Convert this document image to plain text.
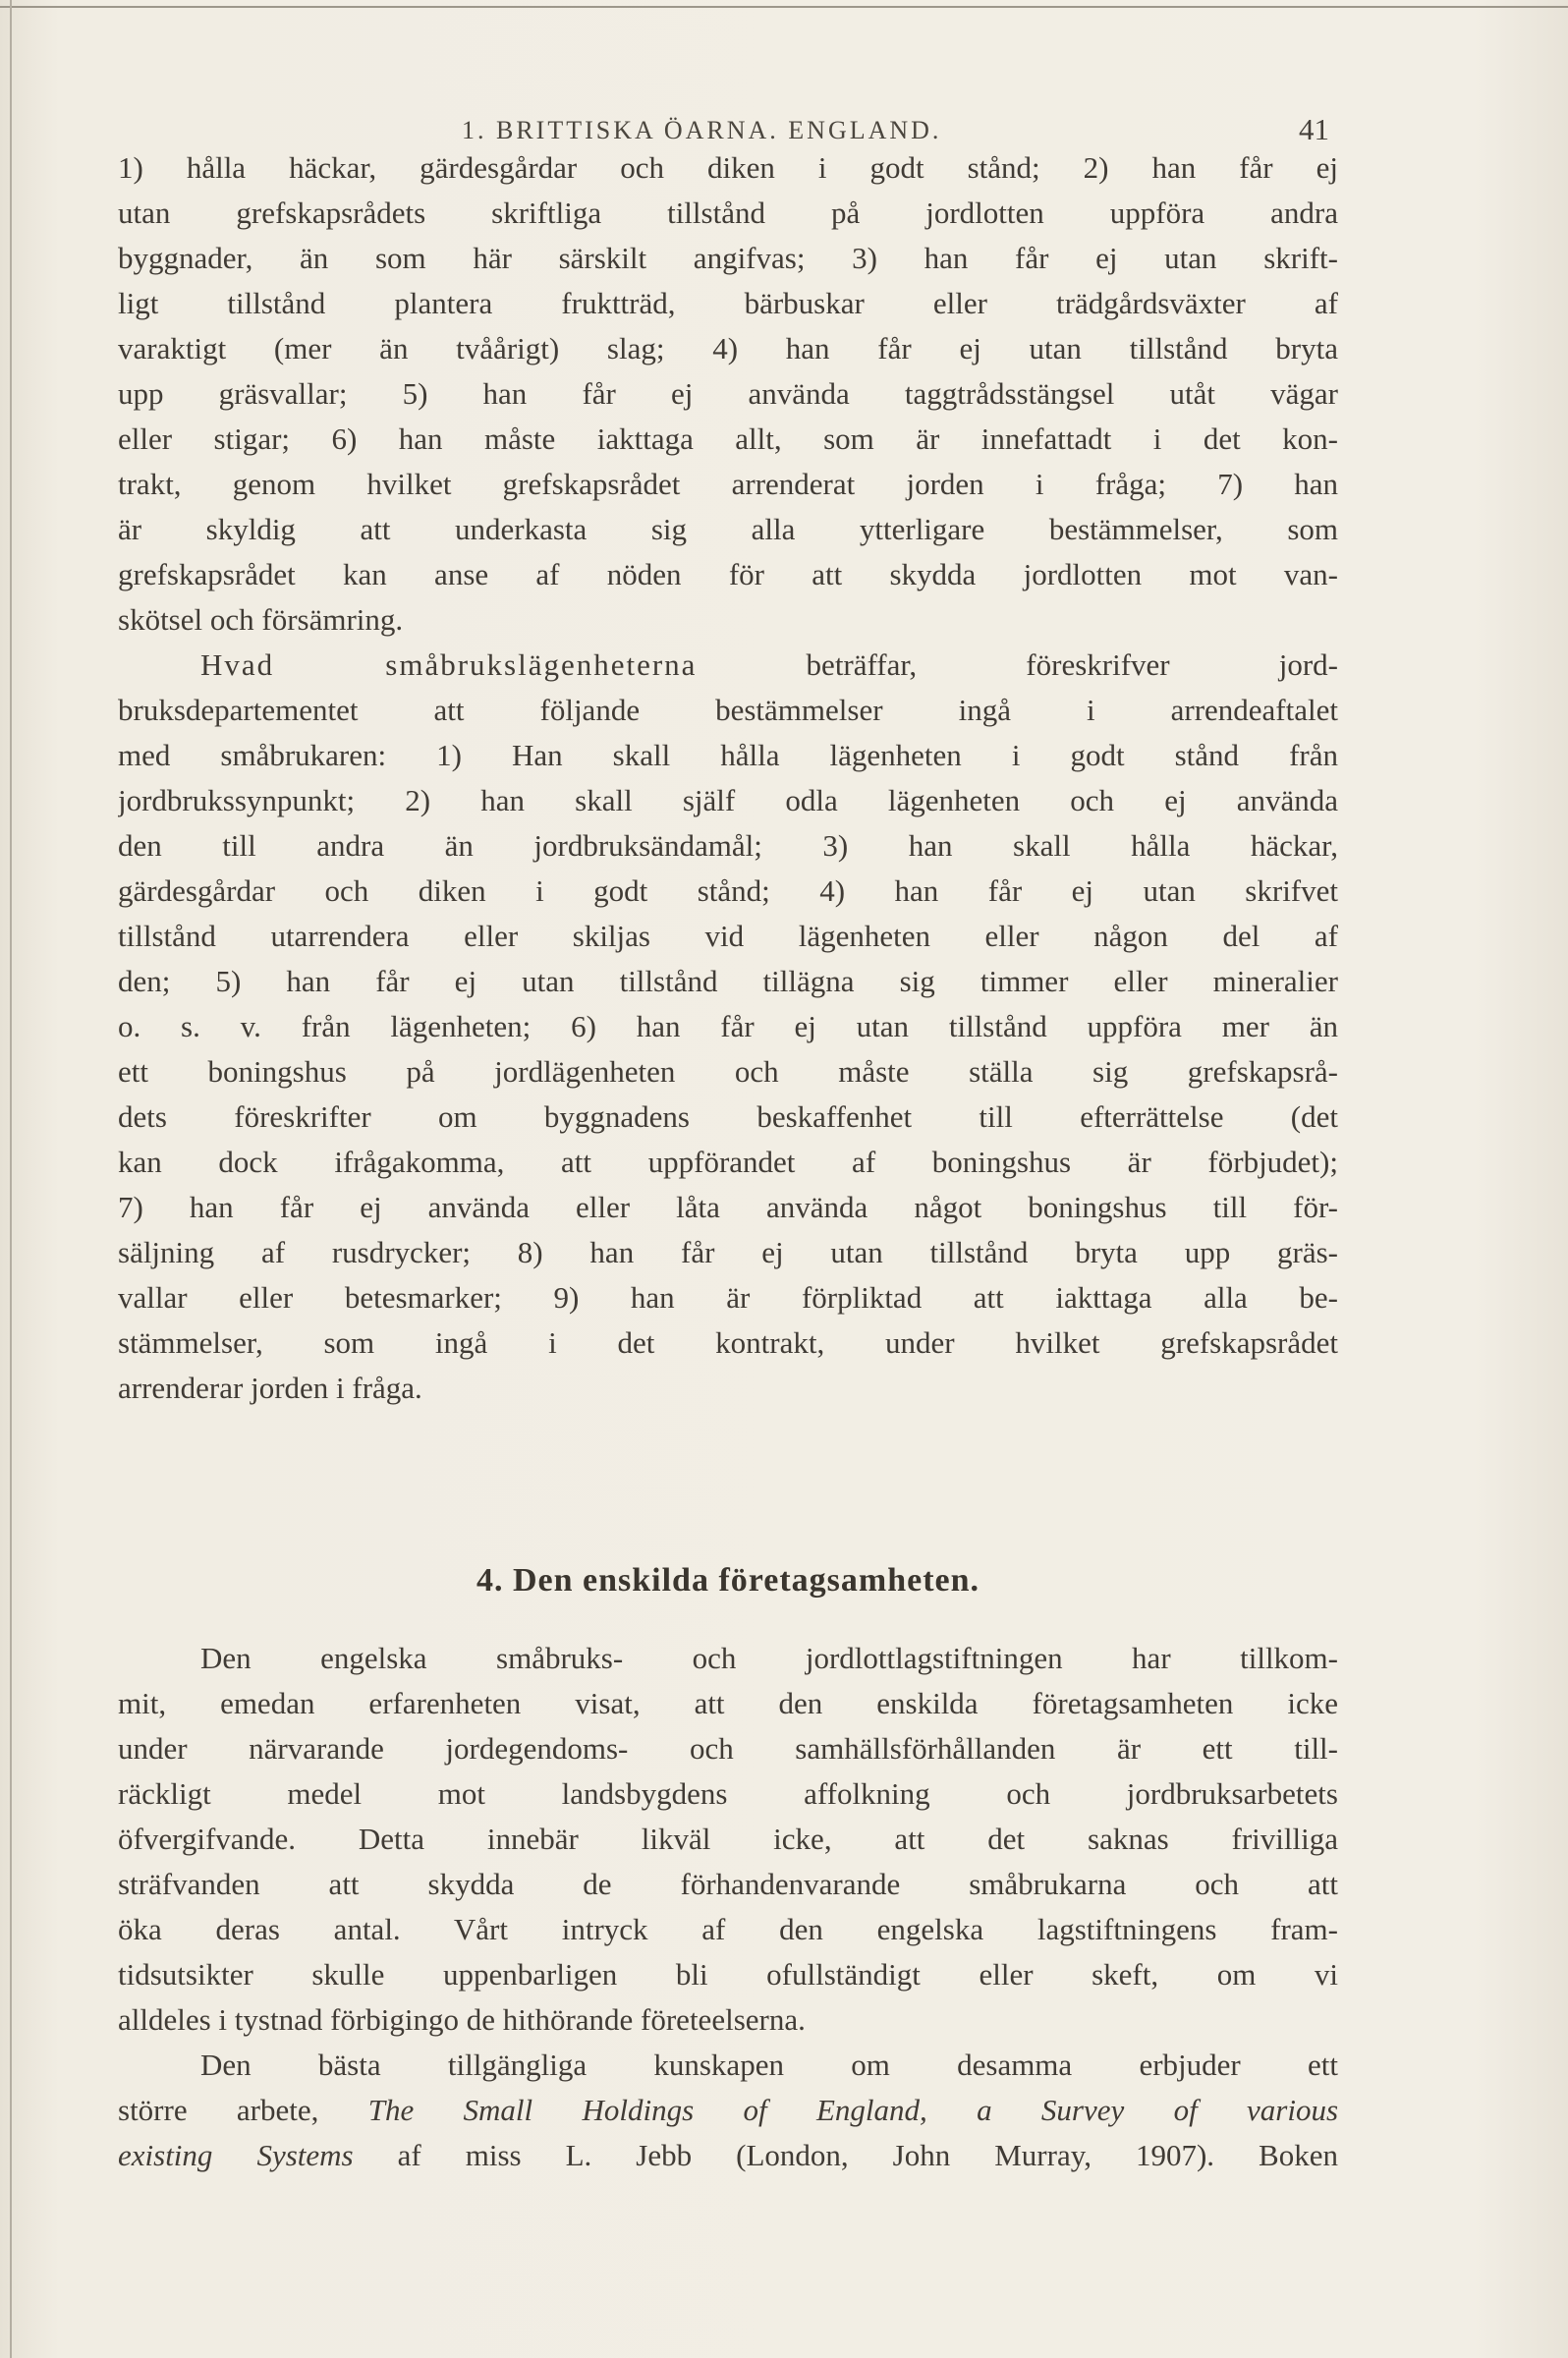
1. BRITTISKA ÖARNA. ENGLAND.	41
1) hålla häckar, gärdesgårdar och diken i godt stånd; 2) han får ej
utan grefskapsrådets skriftliga tillstånd på jordlotten uppföra andra
byggnader, än som här särskilt angifvas; 3) han får ej utan skrift-
ligt tillstånd plantera fruktträd, bärbuskar eller trädgårdsväxter af
varaktigt (mer än tvåårigt) slag; 4) han får ej utan tillstånd bryta
upp gräsvallar; 5) han får ej använda taggtrådsstängsel utåt vägar
eller stigar; 6) han måste iakttaga allt, som är innefattadt i det kon-
trakt, genom hvilket grefskapsrådet arrenderat jorden i fråga; 7) han
är skyldig att underkasta sig alla ytterligare bestämmelser, som
grefskapsrådet kan anse af nöden för att skydda jordlotten mot van-
skötsel och försämring.
Hvad småbrukslägenheterna beträffar, föreskrifver jord-
bruksdepartementet att följande bestämmelser ingå i arrendeaftalet
med småbrukaren: 1) Han skall hålla lägenheten i godt stånd från
jordbrukssynpunkt; 2) han skall själf odla lägenheten och ej använda
den till andra än jordbruksändamål; 3) han skall hålla häckar,
gärdesgårdar och diken i godt stånd; 4) han får ej utan skrifvet
tillstånd utarrendera eller skiljas vid lägenheten eller någon del af
den; 5) han får ej utan tillstånd tillägna sig timmer eller mineralier
o. s. v. från lägenheten; 6) han får ej utan tillstånd uppföra mer än
ett boningshus på jordlägenheten och måste ställa sig grefskapsrå-
dets föreskrifter om byggnadens beskaffenhet till efterrättelse (det
kan dock ifrågakomma, att uppförandet af boningshus är förbjudet);
7) han får ej använda eller låta använda något boningshus till för-
säljning af rusdrycker; 8) han får ej utan tillstånd bryta upp gräs-
vallar eller betesmarker; 9) han är förpliktad att iakttaga alla be-
stämmelser, som ingå i det kontrakt, under hvilket grefskapsrådet
arrenderar jorden i fråga.
4. Den enskilda företagsamheten.
Den engelska småbruks- och jordlottlagstiftningen har tillkom-
mit, emedan erfarenheten visat, att den enskilda företagsamheten icke
under närvarande jordegendoms- och samhällsförhållanden är ett till-
räckligt medel mot landsbygdens affolkning och jordbruksarbetets
öfvergifvande. Detta innebär likväl icke, att det saknas frivilliga
sträfvanden att skydda de förhandenvarande småbrukarna och att
öka deras antal. Vårt intryck af den engelska lagstiftningens fram-
tidsutsikter skulle uppenbarligen bli ofullständigt eller skeft, om vi
alldeles i tystnad förbigingo de hithörande företeelserna.
Den bästa tillgängliga kunskapen om desamma erbjuder ett
större arbete, The Small Holdings of England, a Survey of various
existing Systems af miss L. Jebb (London, John Murray, 1907). Boken
